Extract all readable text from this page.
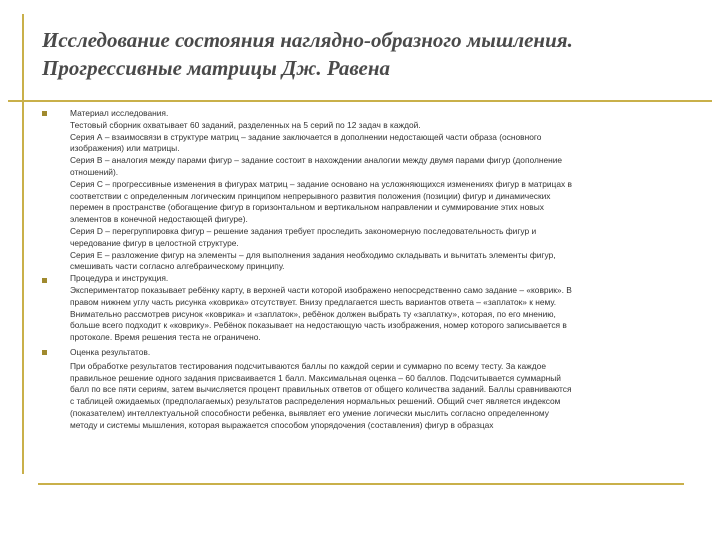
Исследование состояния наглядно-образного мышления.
Прогрессивные матрицы Дж. Равена
Материал исследования.
Тестовый сборник охватывает 60 заданий, разделенных на 5 серий по 12 задач в каждой.
Серия А – взаимосвязи в структуре матриц – задание заключается в дополнении недостающей части образа (основного
изображения) или матрицы.
Серия В – аналогия между парами фигур – задание состоит в нахождении аналогии между двумя парами фигур (дополнение
отношений).
Серия С – прогрессивные изменения в фигурах матриц – задание основано на усложняющихся изменениях фигур в матрицах в
соответствии с определенным логическим принципом непрерывного развития положения (позиции) фигур и динамических
перемен в пространстве (обогащение фигур в горизонтальном и вертикальном направлении и суммирование этих новых
элементов в конечной недостающей фигуре).
Серия D – перегруппировка фигур – решение задания требует проследить закономерную последовательность фигур и
чередование фигур в целостной структуре.
Серия Е – разложение фигур на элементы – для выполнения задания необходимо складывать и вычитать элементы фигур,
смешивать части согласно алгебраическому принципу.
Процедура и инструкция.
Экспериментатор показывает ребёнку карту, в верхней части которой изображено непосредственно само задание – «коврик». В
правом нижнем углу часть рисунка «коврика» отсутствует. Внизу предлагается шесть вариантов ответа – «заплаток» к нему.
Внимательно рассмотрев рисунок «коврика» и «заплаток», ребёнок должен выбрать ту «заплатку», которая, по его мнению,
больше всего подходит к «коврику». Ребёнок показывает на недостающую часть изображения, номер которого записывается в
протоколе. Время решения теста не ограничено.
Оценка результатов.
При обработке результатов тестирования подсчитываются баллы по каждой серии и суммарно по всему тесту. За каждое
правильное решение одного задания присваивается 1 балл. Максимальная оценка – 60 баллов. Подсчитывается суммарный
балл по все пяти сериям, затем вычисляется процент правильных ответов от общего количества заданий. Баллы сравниваются
с таблицей ожидаемых (предполагаемых) результатов распределения нормальных решений. Общий счет является индексом
(показателем) интеллектуальной способности ребенка, выявляет его умение логически мыслить согласно определенному
методу и системы мышления, которая выражается способом упорядочения (составления) фигур в образцах
